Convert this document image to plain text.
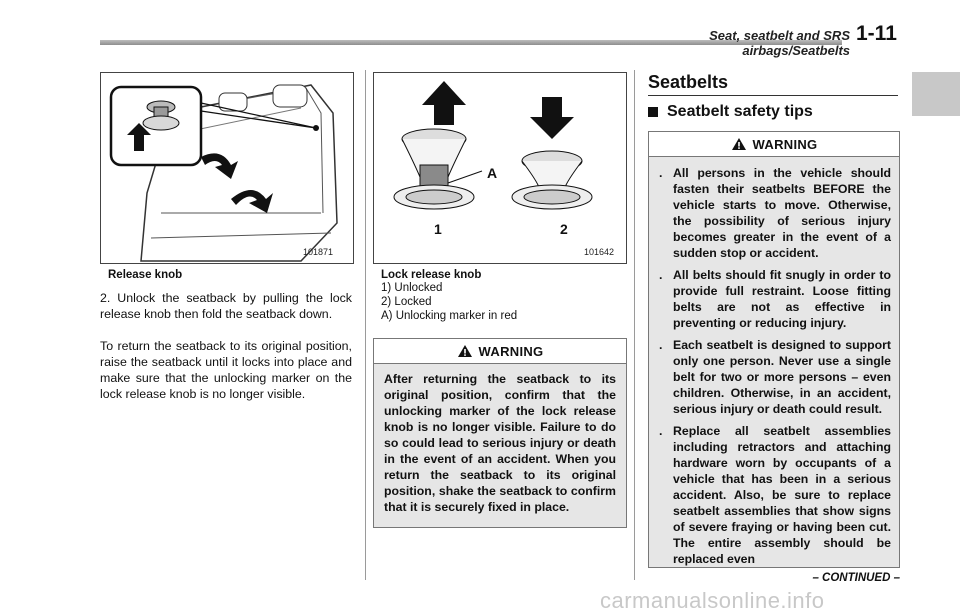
Seat, seatbelt and SRS airbags/Seatbelts
1-11
101871
Release knob
2. Unlock the seatback by pulling the lock release knob then fold the seatback down.
To return the seatback to its original position, raise the seatback until it locks into place and make sure that the unlocking marker on the lock release knob is no longer visible.
A
1	2
101642
Lock release knob
1) Unlocked
2) Locked
A) Unlocking marker in red
WARNING
After returning the seatback to its original position, confirm that the unlocking marker of the lock release knob is no longer visible. Failure to do so could lead to serious injury or death in the event of an accident. When you return the seatback to its original position, shake the seatback to confirm that it is securely fixed in place.
Seatbelts
Seatbelt safety tips
WARNING
. All persons in the vehicle should fasten their seatbelts BEFORE the vehicle starts to move. Otherwise, the possibility of serious injury becomes greater in the event of a sudden stop or accident.
. All belts should fit snugly in order to provide full restraint. Loose fitting belts are not as effective in preventing or reducing injury.
. Each seatbelt is designed to support only one person. Never use a single belt for two or more persons – even children. Otherwise, in an accident, serious injury or death could result.
. Replace all seatbelt assemblies including retractors and attaching hardware worn by occupants of a vehicle that has been in a serious accident. Also, be sure to replace seatbelt assemblies that show signs of severe fraying or having been cut. The entire assembly should be replaced even
– CONTINUED –
carmanualsonline.info
